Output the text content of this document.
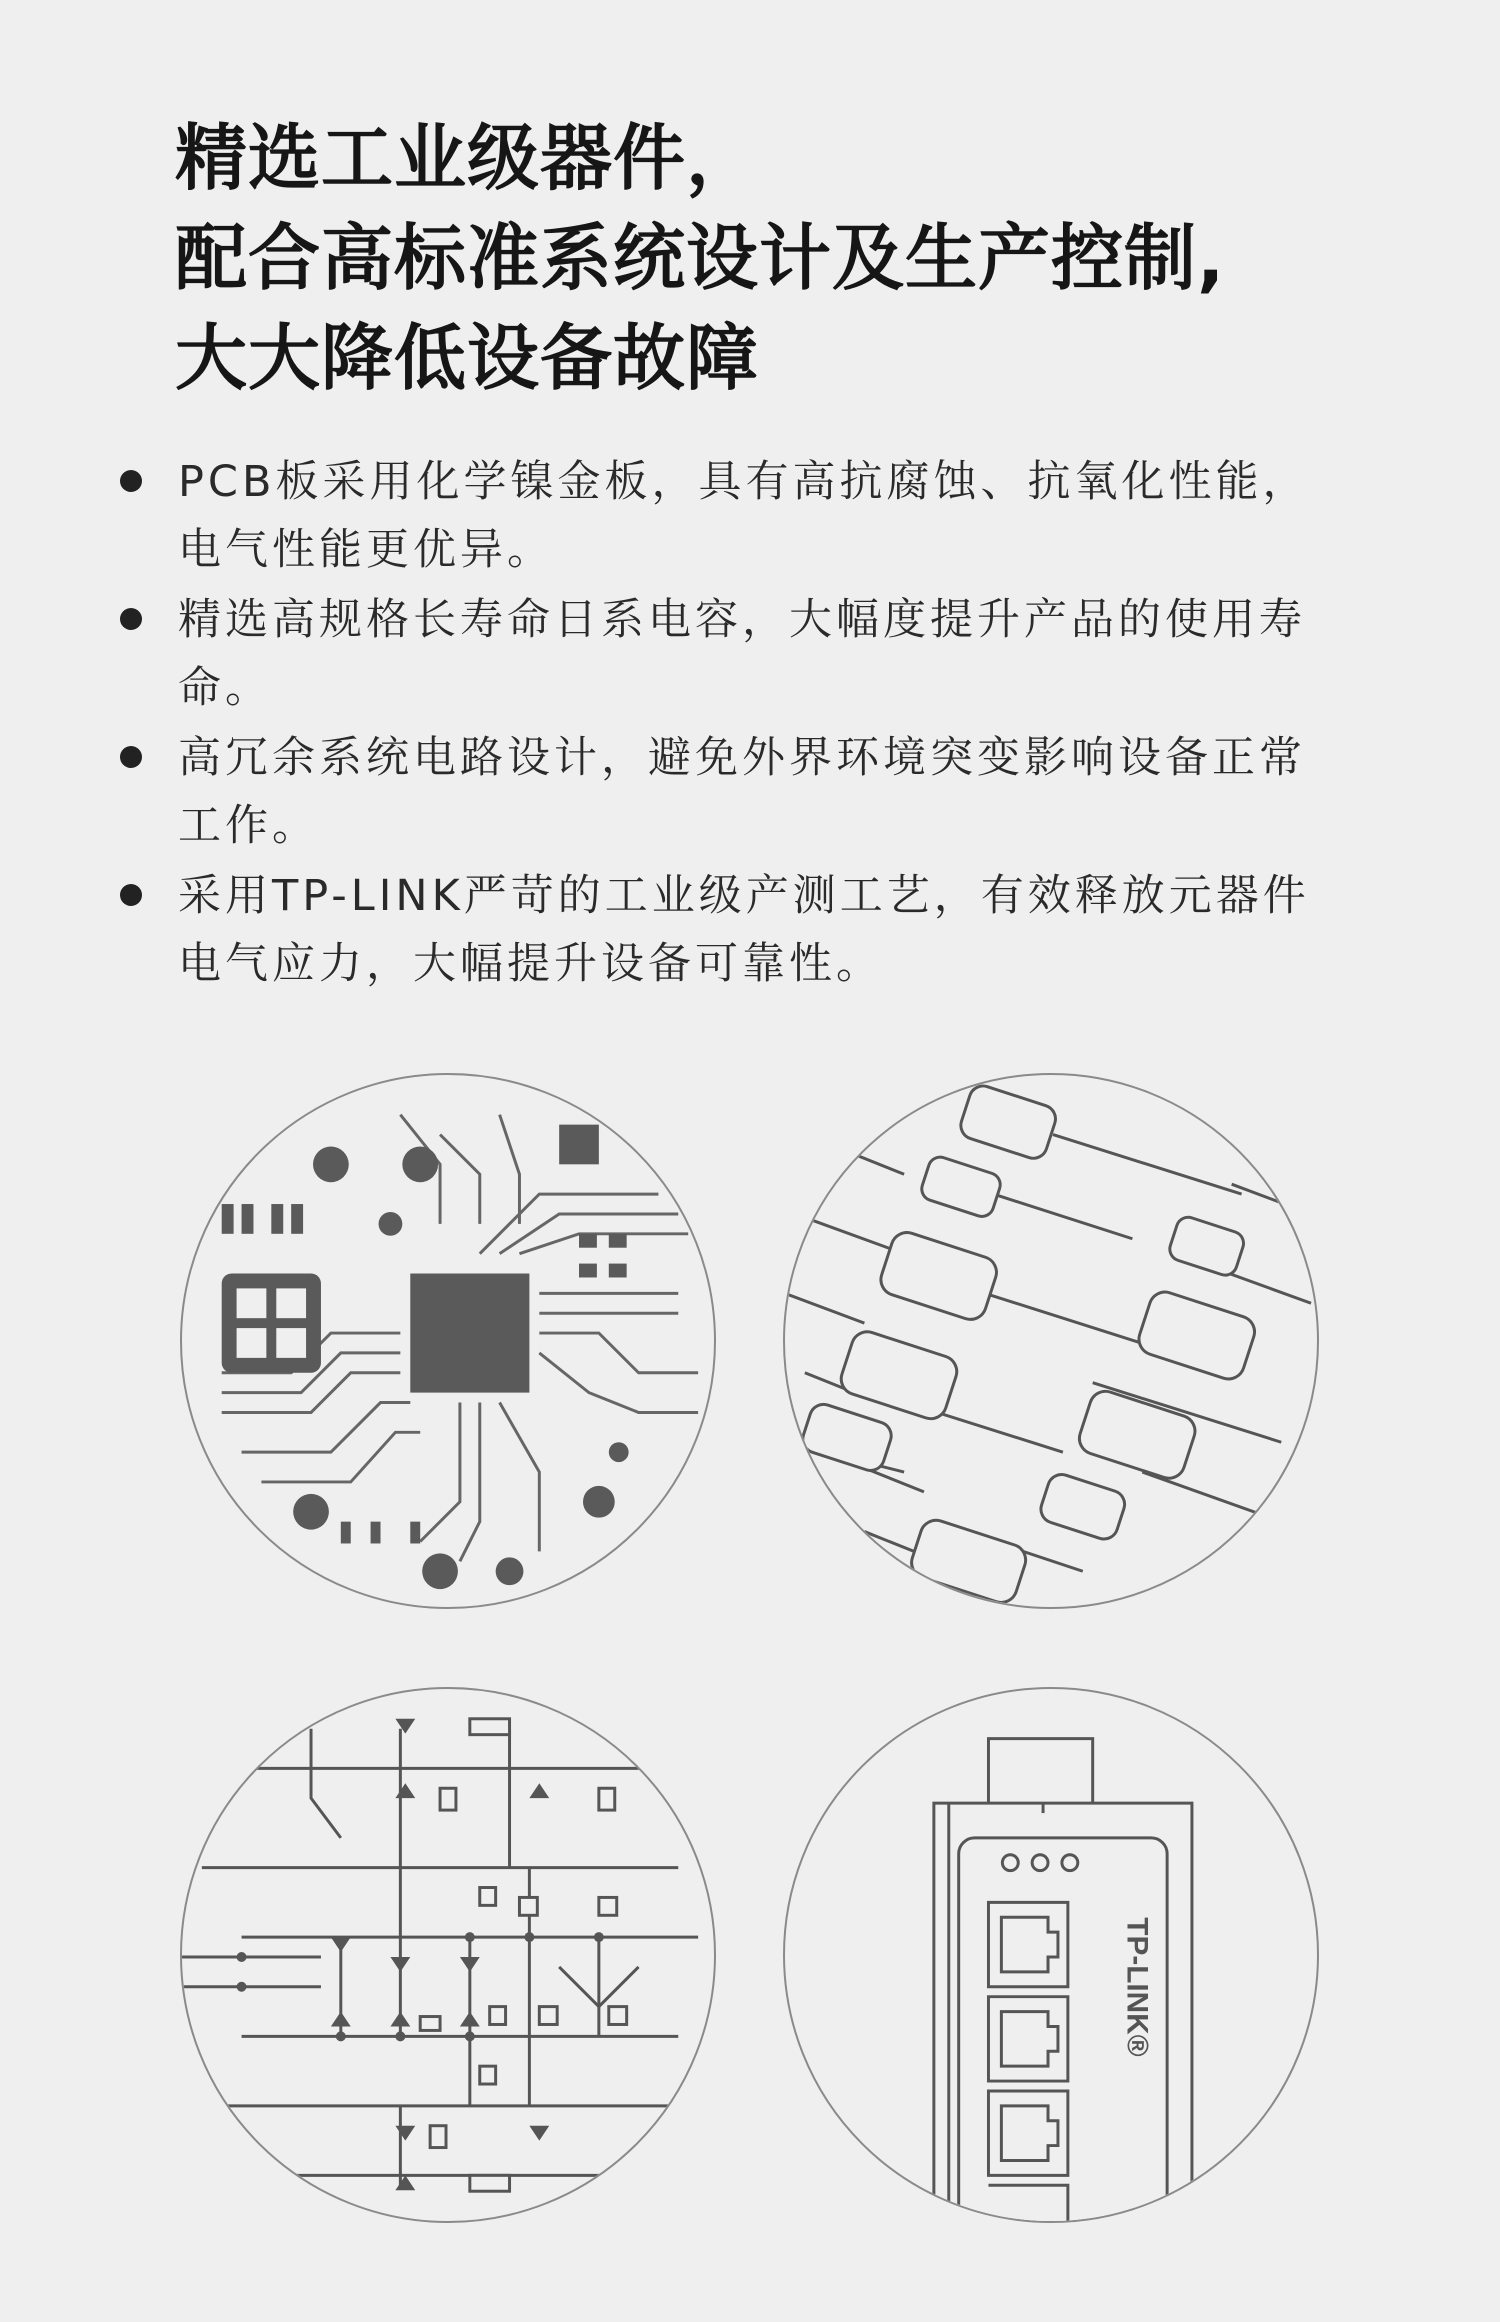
精选工业级器件，
配合高标准系统设计及生产控制,
大大降低设备故障
PCB板采用化学镍金板，具有高抗腐蚀、抗氧化性能，电气性能更优异。
精选高规格长寿命日系电容，大幅度提升产品的使用寿命。
高冗余系统电路设计，避免外界环境突变影响设备正常工作。
采用TP-LINK严苛的工业级产测工艺，有效释放元器件电气应力，大幅提升设备可靠性。
TP-LINK®
